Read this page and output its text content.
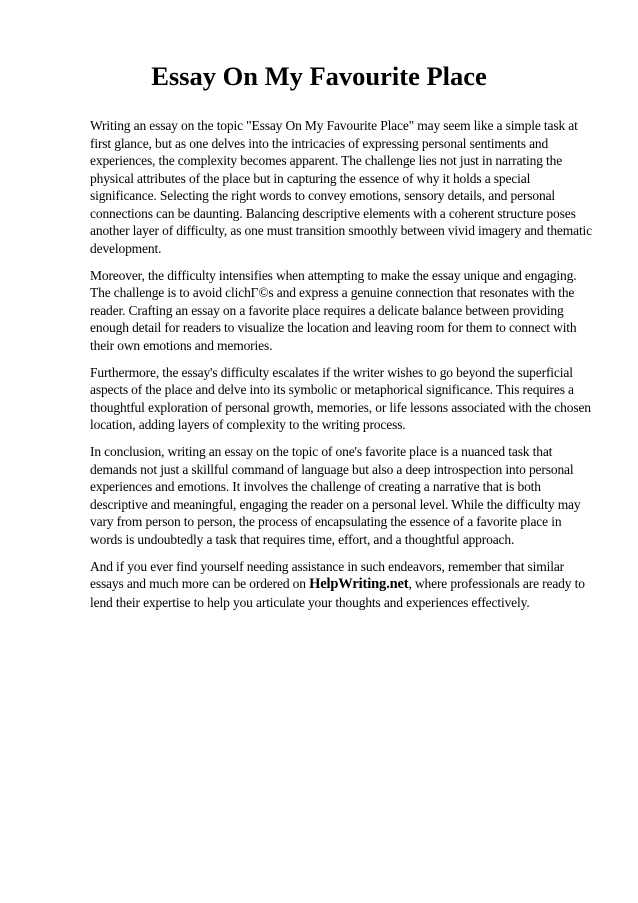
Essay On My Favourite Place

Writing an essay on the topic "Essay On My Favourite Place" may seem like a simple task at first glance, but as one delves into the intricacies of expressing personal sentiments and experiences, the complexity becomes apparent. The challenge lies not just in narrating the physical attributes of the place but in capturing the essence of why it holds a special significance. Selecting the right words to convey emotions, sensory details, and personal connections can be daunting. Balancing descriptive elements with a coherent structure poses another layer of difficulty, as one must transition smoothly between vivid imagery and thematic development.

Moreover, the difficulty intensifies when attempting to make the essay unique and engaging. The challenge is to avoid clichΓ©s and express a genuine connection that resonates with the reader. Crafting an essay on a favorite place requires a delicate balance between providing enough detail for readers to visualize the location and leaving room for them to connect with their own emotions and memories.

Furthermore, the essay's difficulty escalates if the writer wishes to go beyond the superficial aspects of the place and delve into its symbolic or metaphorical significance. This requires a thoughtful exploration of personal growth, memories, or life lessons associated with the chosen location, adding layers of complexity to the writing process.

In conclusion, writing an essay on the topic of one's favorite place is a nuanced task that demands not just a skillful command of language but also a deep introspection into personal experiences and emotions. It involves the challenge of creating a narrative that is both descriptive and meaningful, engaging the reader on a personal level. While the difficulty may vary from person to person, the process of encapsulating the essence of a favorite place in words is undoubtedly a task that requires time, effort, and a thoughtful approach.

And if you ever find yourself needing assistance in such endeavors, remember that similar essays and much more can be ordered on HelpWriting.net, where professionals are ready to lend their expertise to help you articulate your thoughts and experiences effectively.
